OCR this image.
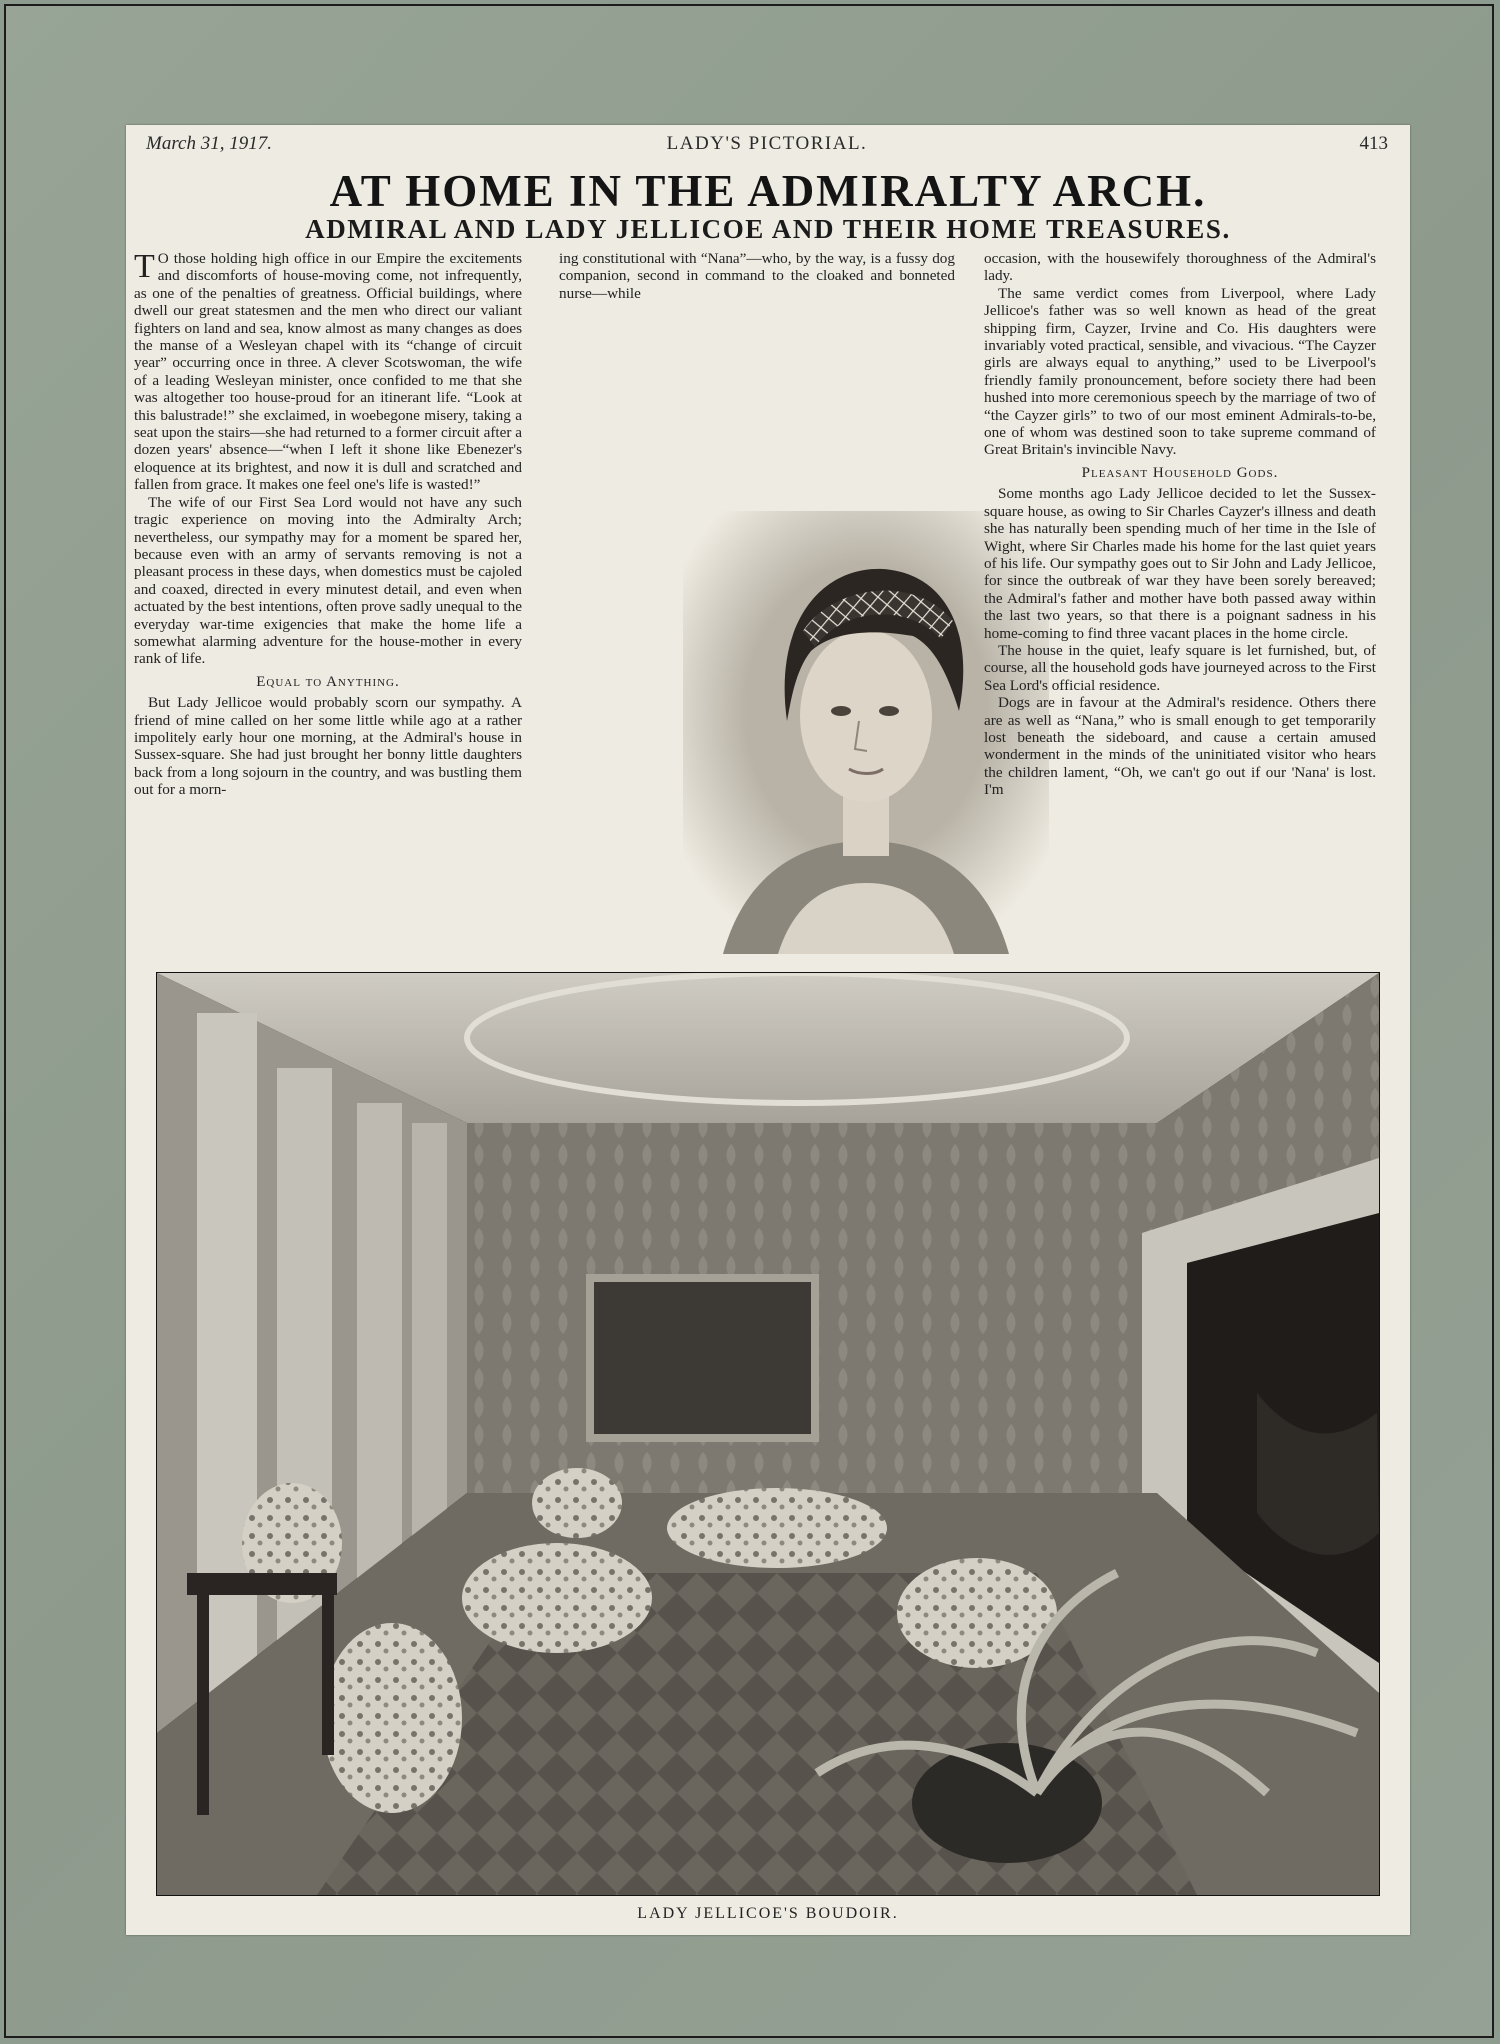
March 31, 1917.	LADY'S PICTORIAL.	413
AT HOME IN THE ADMIRALTY ARCH.
ADMIRAL AND LADY JELLICOE AND THEIR HOME TREASURES.

T O those holding high office in our Empire the excitements and discomforts of house-moving come, not infrequently, as one of the penalties of greatness. Official buildings, where dwell our great statesmen and the men who direct our valiant fighters on land and sea, know almost as many changes as does the manse of a Wesleyan chapel with its “change of circuit year” occurring once in three. A clever Scotswoman, the wife of a leading Wesleyan minister, once confided to me that she was altogether too house-proud for an itinerant life. “Look at this balustrade!” she exclaimed, in woebegone misery, taking a seat upon the stairs—she had returned to a former circuit after a dozen years' absence—“when I left it shone like Ebenezer's eloquence at its brightest, and now it is dull and scratched and fallen from grace. It makes one feel one's life is wasted!”

The wife of our First Sea Lord would not have any such tragic experience on moving into the Admiralty Arch; nevertheless, our sympathy may for a moment be spared her, because even with an army of servants removing is not a pleasant process in these days, when domestics must be cajoled and coaxed, directed in every minutest detail, and even when actuated by the best intentions, often prove sadly unequal to the everyday war-time exigencies that make the home life a somewhat alarming adventure for the house-mother in every rank of life.

Equal to Anything.

But Lady Jellicoe would probably scorn our sympathy. A friend of mine called on her some little while ago at a rather impolitely early hour one morning, at the Admiral's house in Sussex-square. She had just brought her bonny little daughters back from a long sojourn in the country, and was bustling them out for a morn-

ing constitutional with “Nana”—who, by the way, is a fussy dog companion, second in command to the cloaked and bonneted nurse—while

occasion, with the housewifely thoroughness of the Admiral's lady.

The same verdict comes from Liverpool, where Lady Jellicoe's father was so well known as head of the great shipping firm, Cayzer, Irvine and Co. His daughters were invariably voted practical, sensible, and vivacious. “The Cayzer girls are always equal to anything,” used to be Liverpool's friendly family pronouncement, before society there had been hushed into more ceremonious speech by the marriage of two of “the Cayzer girls” to two of our most eminent Admirals-to-be, one of whom was destined soon to take supreme command of Great Britain's invincible Navy.

Pleasant Household Gods.

Some months ago Lady Jellicoe decided to let the Sussex-square house, as owing to Sir Charles Cayzer's illness and death she has naturally been spending much of her time in the Isle of Wight, where Sir Charles made his home for the last quiet years of his life. Our sympathy goes out to Sir John and Lady Jellicoe, for since the outbreak of war they have been sorely bereaved; the Admiral's father and mother have both passed away within the last two years, so that there is a poignant sadness in his home-coming to find three vacant places in the home circle.

The house in the quiet, leafy square is let furnished, but, of course, all the household gods have journeyed across to the First Sea Lord's official residence.

Dogs are in favour at the Admiral's residence. Others there are as well as “Nana,” who is small enough to get temporarily lost beneath the sideboard, and cause a certain amused wonderment in the minds of the uninitiated visitor who hears the children lament, “Oh, we can't go out if our 'Nana' is lost. I'm

LADY JELLICOE'S BOUDOIR.
